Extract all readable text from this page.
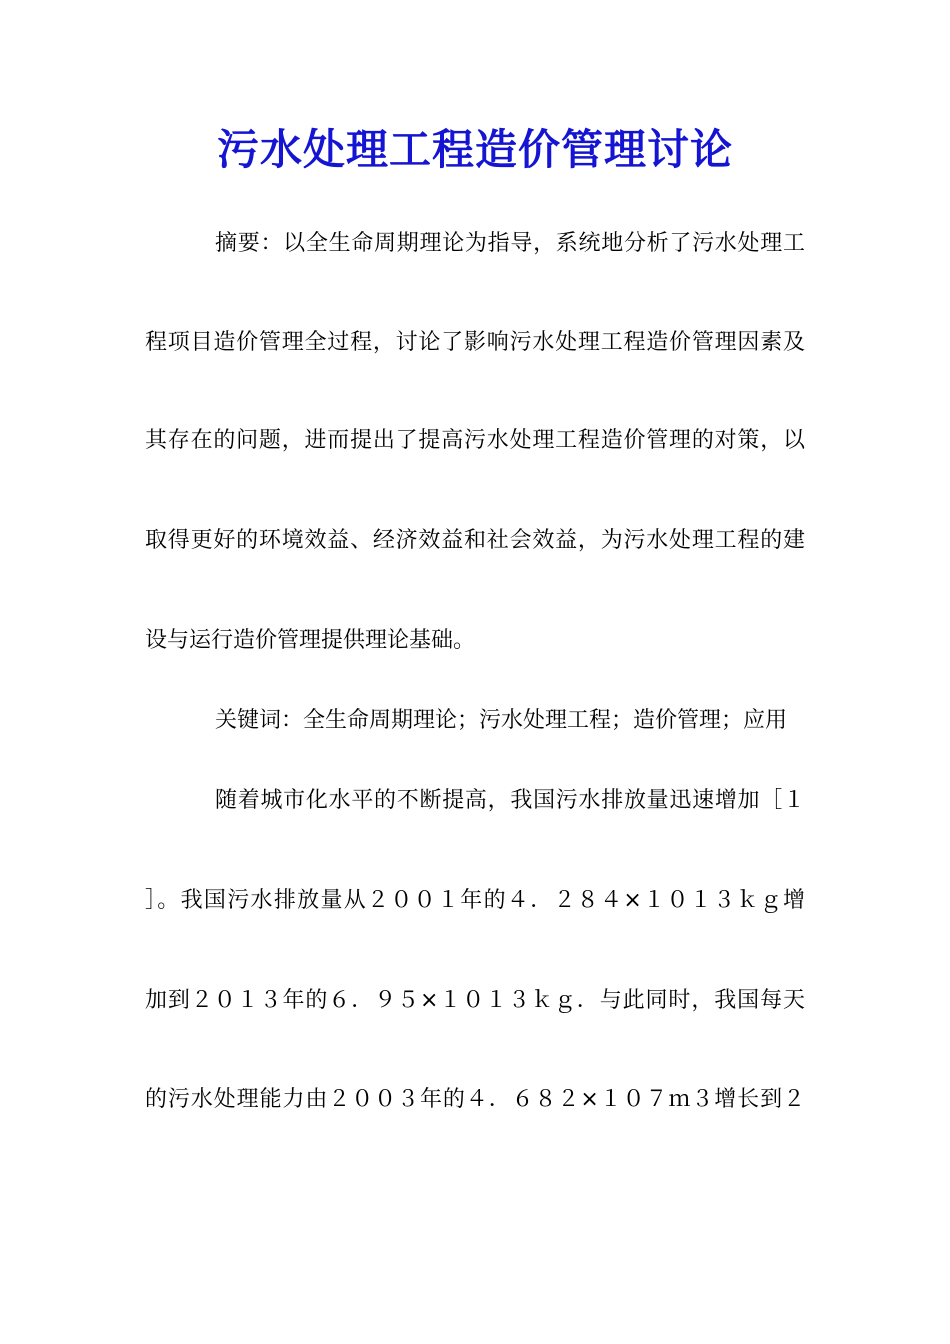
污水处理工程造价管理讨论
摘要：以全生命周期理论为指导，系统地分析了污水处理工
程项目造价管理全过程，讨论了影响污水处理工程造价管理因素及
其存在的问题，进而提出了提高污水处理工程造价管理的对策，以
取得更好的环境效益、经济效益和社会效益，为污水处理工程的建
设与运行造价管理提供理论基础。
关键词：全生命周期理论；污水处理工程；造价管理；应用
随着城市化水平的不断提高，我国污水排放量迅速增加［１
］。我国污水排放量从２００１年的４．２８４×１０１３ｋｇ增
加到２０１３年的６．９５×１０１３ｋｇ．与此同时，我国每天
的污水处理能力由２００３年的４．６８２×１０７ｍ３增长到２
